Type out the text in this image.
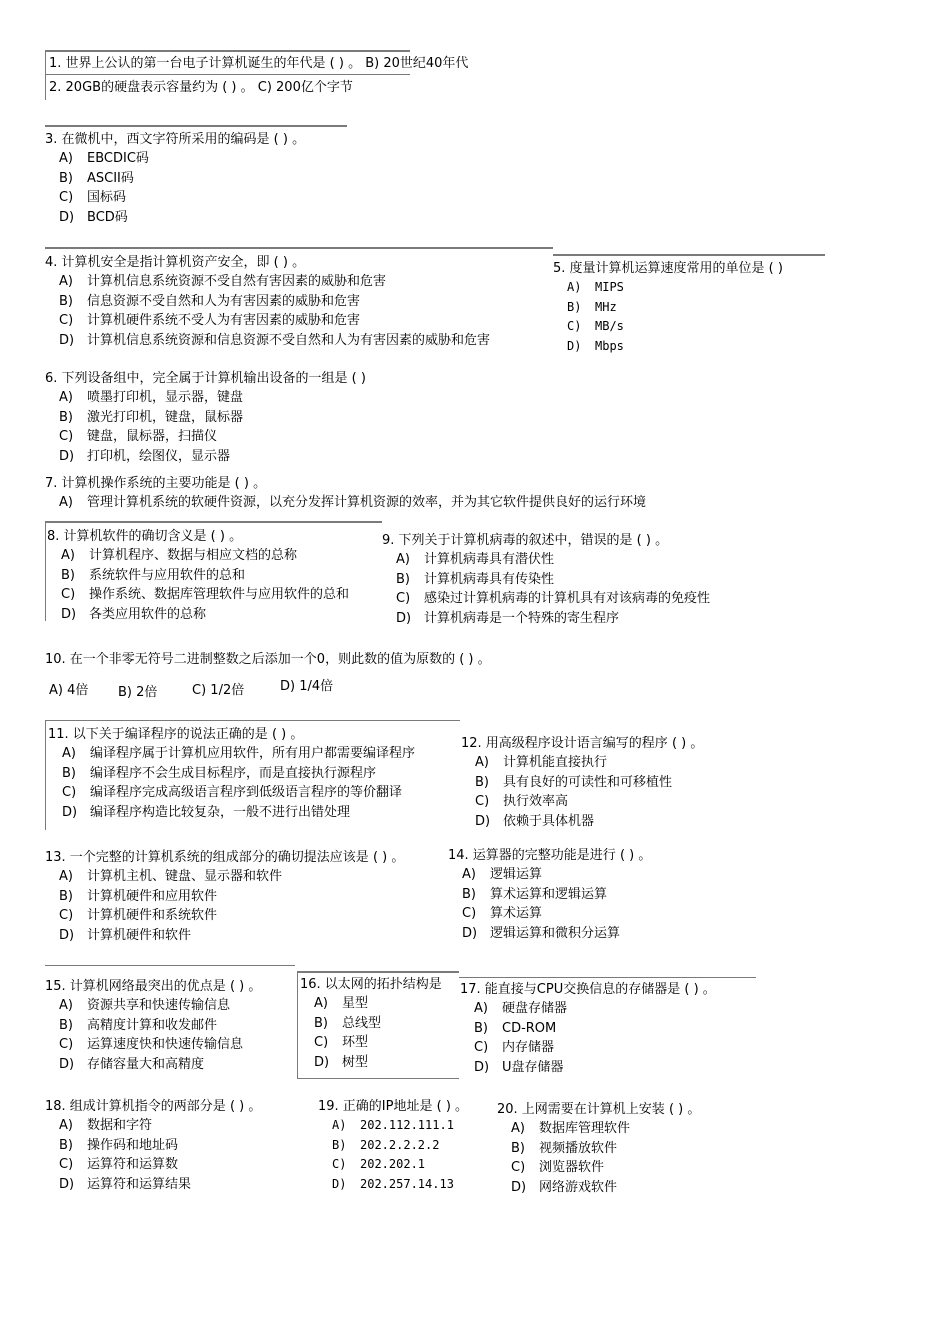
1. 世界上公认的第一台电子计算机诞生的年代是 ( ) 。 B) 20世纪40年代
2. 20GB的硬盘表示容量约为 ( ) 。 C) 200亿个字节
3. 在微机中，西文字符所采用的编码是 ( ) 。
A) EBCDIC码
B) ASCII码
C) 国标码
D) BCD码
4. 计算机安全是指计算机资产安全，即 ( ) 。
A) 计算机信息系统资源不受自然有害因素的威胁和危害
B) 信息资源不受自然和人为有害因素的威胁和危害
C) 计算机硬件系统不受人为有害因素的威胁和危害
D) 计算机信息系统资源和信息资源不受自然和人为有害因素的威胁和危害
5. 度量计算机运算速度常用的单位是 ( )
A) MIPS
B) MHz
C) MB/s
D) Mbps
6. 下列设备组中，完全属于计算机输出设备的一组是 ( )
A) 喷墨打印机，显示器，键盘
B) 激光打印机，键盘，鼠标器
C) 键盘，鼠标器，扫描仪
D) 打印机，绘图仪，显示器
7. 计算机操作系统的主要功能是 ( ) 。
A) 管理计算机系统的软硬件资源，以充分发挥计算机资源的效率，并为其它软件提供良好的运行环境
8. 计算机软件的确切含义是 ( ) 。
A) 计算机程序、数据与相应文档的总称
B) 系统软件与应用软件的总和
C) 操作系统、数据库管理软件与应用软件的总和
D) 各类应用软件的总称
9. 下列关于计算机病毒的叙述中，错误的是 ( ) 。
A) 计算机病毒具有潜伏性
B) 计算机病毒具有传染性
C) 感染过计算机病毒的计算机具有对该病毒的免疫性
D) 计算机病毒是一个特殊的寄生程序
10. 在一个非零无符号二进制整数之后添加一个0，则此数的值为原数的 ( ) 。
A) 4倍 B) 2倍	C) 1/2倍	D) 1/4倍
11. 以下关于编译程序的说法正确的是 ( ) 。
A) 编译程序属于计算机应用软件，所有用户都需要编译程序
B) 编译程序不会生成目标程序，而是直接执行源程序
C) 编译程序完成高级语言程序到低级语言程序的等价翻译
D) 编译程序构造比较复杂，一般不进行出错处理
12. 用高级程序设计语言编写的程序 ( ) 。
A) 计算机能直接执行
B) 具有良好的可读性和可移植性
C) 执行效率高
D) 依赖于具体机器
13. 一个完整的计算机系统的组成部分的确切提法应该是 ( ) 。
A) 计算机主机、键盘、显示器和软件
B) 计算机硬件和应用软件
C) 计算机硬件和系统软件
D) 计算机硬件和软件
14. 运算器的完整功能是进行 ( ) 。
A) 逻辑运算
B) 算术运算和逻辑运算
C) 算术运算
D) 逻辑运算和微积分运算
15. 计算机网络最突出的优点是 ( ) 。
A) 资源共享和快速传输信息
B) 高精度计算和收发邮件
C) 运算速度快和快速传输信息
D) 存储容量大和高精度
16. 以太网的拓扑结构是
A) 星型
B) 总线型
C) 环型
D) 树型
17. 能直接与CPU交换信息的存储器是 ( ) 。
A) 硬盘存储器
B) CD-ROM
C) 内存储器
D) U盘存储器
18. 组成计算机指令的两部分是 ( ) 。
A) 数据和字符
B) 操作码和地址码
C) 运算符和运算数
D) 运算符和运算结果
19. 正确的IP地址是 ( ) 。
A) 202.112.111.1
B) 202.2.2.2.2
C) 202.202.1
D) 202.257.14.13
20. 上网需要在计算机上安装 ( ) 。
A) 数据库管理软件
B) 视频播放软件
C) 浏览器软件
D) 网络游戏软件
